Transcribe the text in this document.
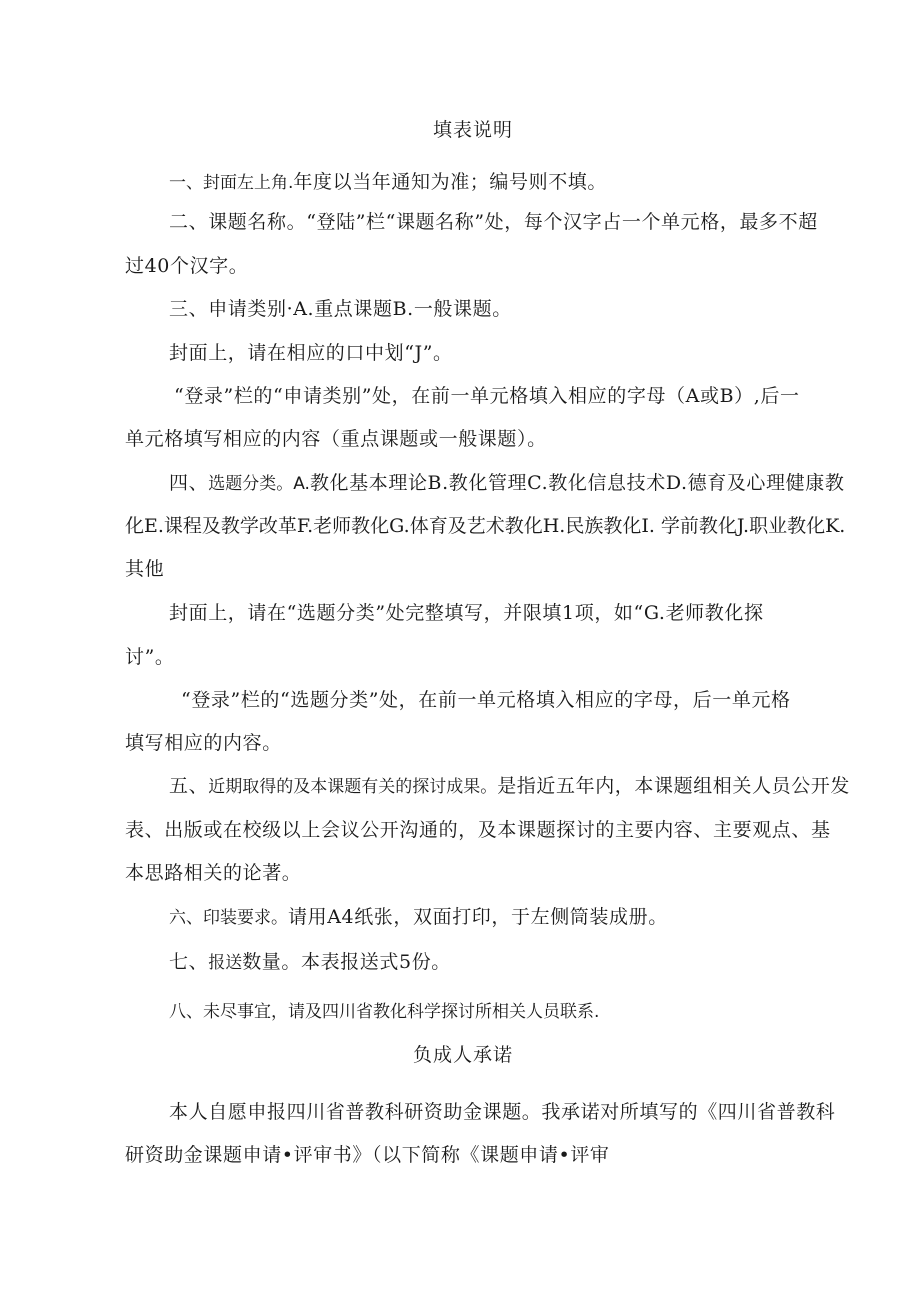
填表说明
一、封面左上角.年度以当年通知为准；编号则不填。
二、课题名称。“登陆”栏“课题名称”处，每个汉字占一个单元格，最多不超
过40个汉字。
三、申请类别·A.重点课题B.一般课题。
封面上，请在相应的口中划“J”。
“登录”栏的“申请类别”处，在前一单元格填入相应的字母（A或B）,后一
单元格填写相应的内容（重点课题或一般课题）。
四、选题分类。A.教化基本理论B.教化管理C.教化信息技术D.德育及心理健康教
化E.课程及教学改革F.老师教化G.体育及艺术教化H.民族教化I. 学前教化J.职业教化K.
其他
封面上，请在“选题分类”处完整填写，并限填1项，如“G.老师教化探
讨”。
“登录”栏的“选题分类”处，在前一单元格填入相应的字母，后一单元格
填写相应的内容。
五、近期取得的及本课题有关的探讨成果。是指近五年内，本课题组相关人员公开发
表、出版或在校级以上会议公开沟通的，及本课题探讨的主要内容、主要观点、基
本思路相关的论著。
六、印装要求。请用A4纸张，双面打印，于左侧筒装成册。
七、报送数量。本表报送式5份。
八、未尽事宜，请及四川省教化科学探讨所相关人员联系.
负成人承诺
本人自愿申报四川省普教科研资助金课题。我承诺对所填写的《四川省普教科
研资助金课题申请•评审书》（以下简称《课题申请•评审
